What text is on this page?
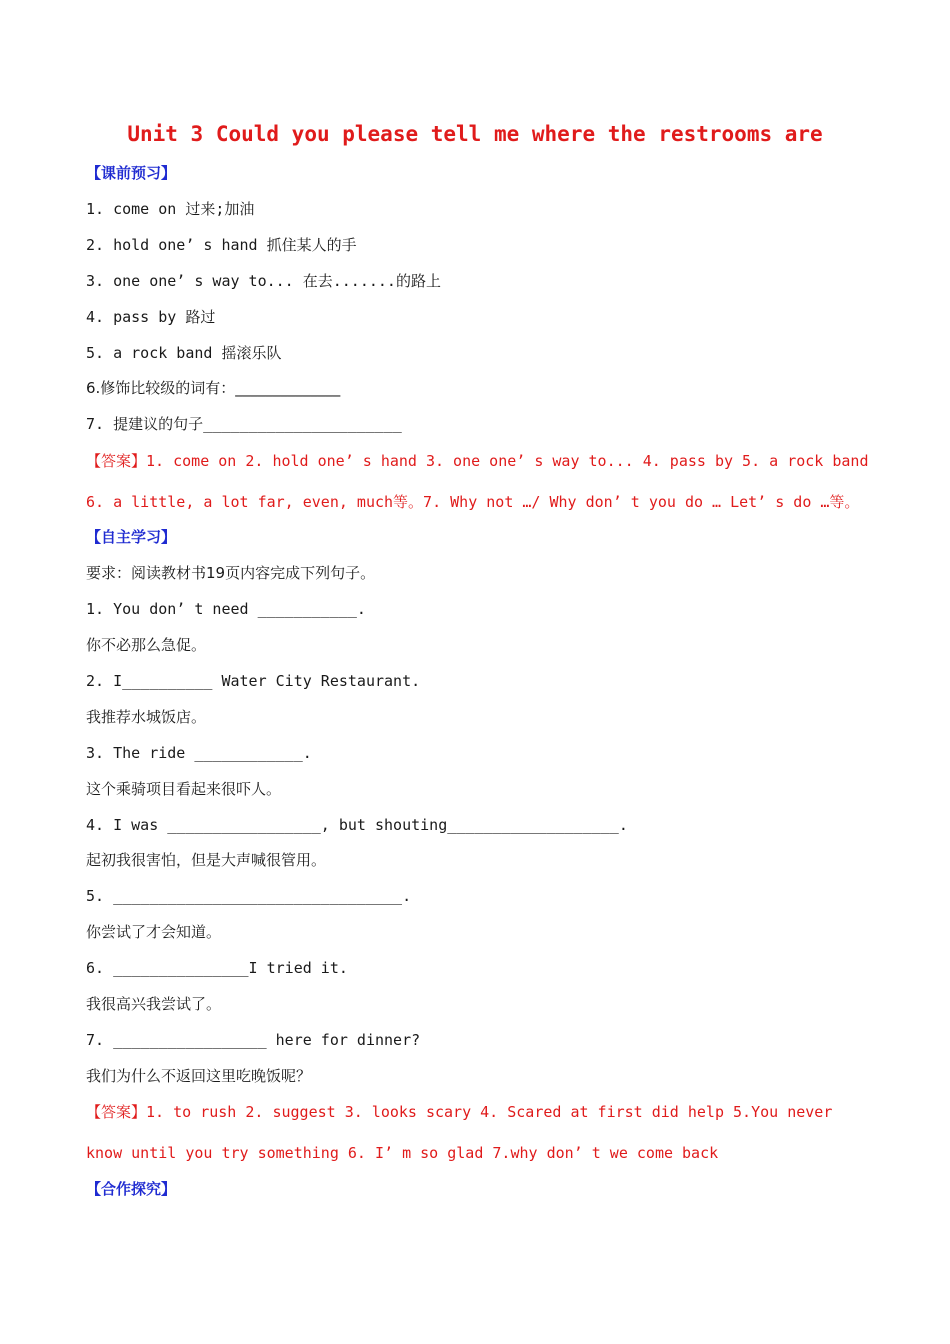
Unit 3 Could you please tell me where the restrooms are
【课前预习】
1. come on 过来;加油
2. hold one’ s hand 抓住某人的手
3. one one’ s way to... 在去.......的路上
4. pass by 路过
5. a rock band 摇滚乐队
6.修饰比较级的词有：______________
7. 提建议的句子______________________
【答案】1. come on 2. hold one’ s hand 3. one one’ s way to... 4. pass by 5. a rock band
6. a little, a lot far, even, much等。7. Why not …/ Why don’ t you do … Let’ s do …等。
【自主学习】
要求：阅读教材书19页内容完成下列句子。
1. You don’ t need ___________.
你不必那么急促。
2. I__________ Water City Restaurant.
我推荐水城饭店。
3. The ride ____________.
这个乘骑项目看起来很吓人。
4. I was _________________, but shouting___________________.
起初我很害怕，但是大声喊很管用。
5. ________________________________.
你尝试了才会知道。
6. _______________I tried it.
我很高兴我尝试了。
7. _________________ here for dinner?
我们为什么不返回这里吃晚饭呢？
【答案】1. to rush 2. suggest 3. looks scary 4. Scared at first did help 5.You never
know until you try something 6. I’ m so glad 7.why don’ t we come back
【合作探究】
